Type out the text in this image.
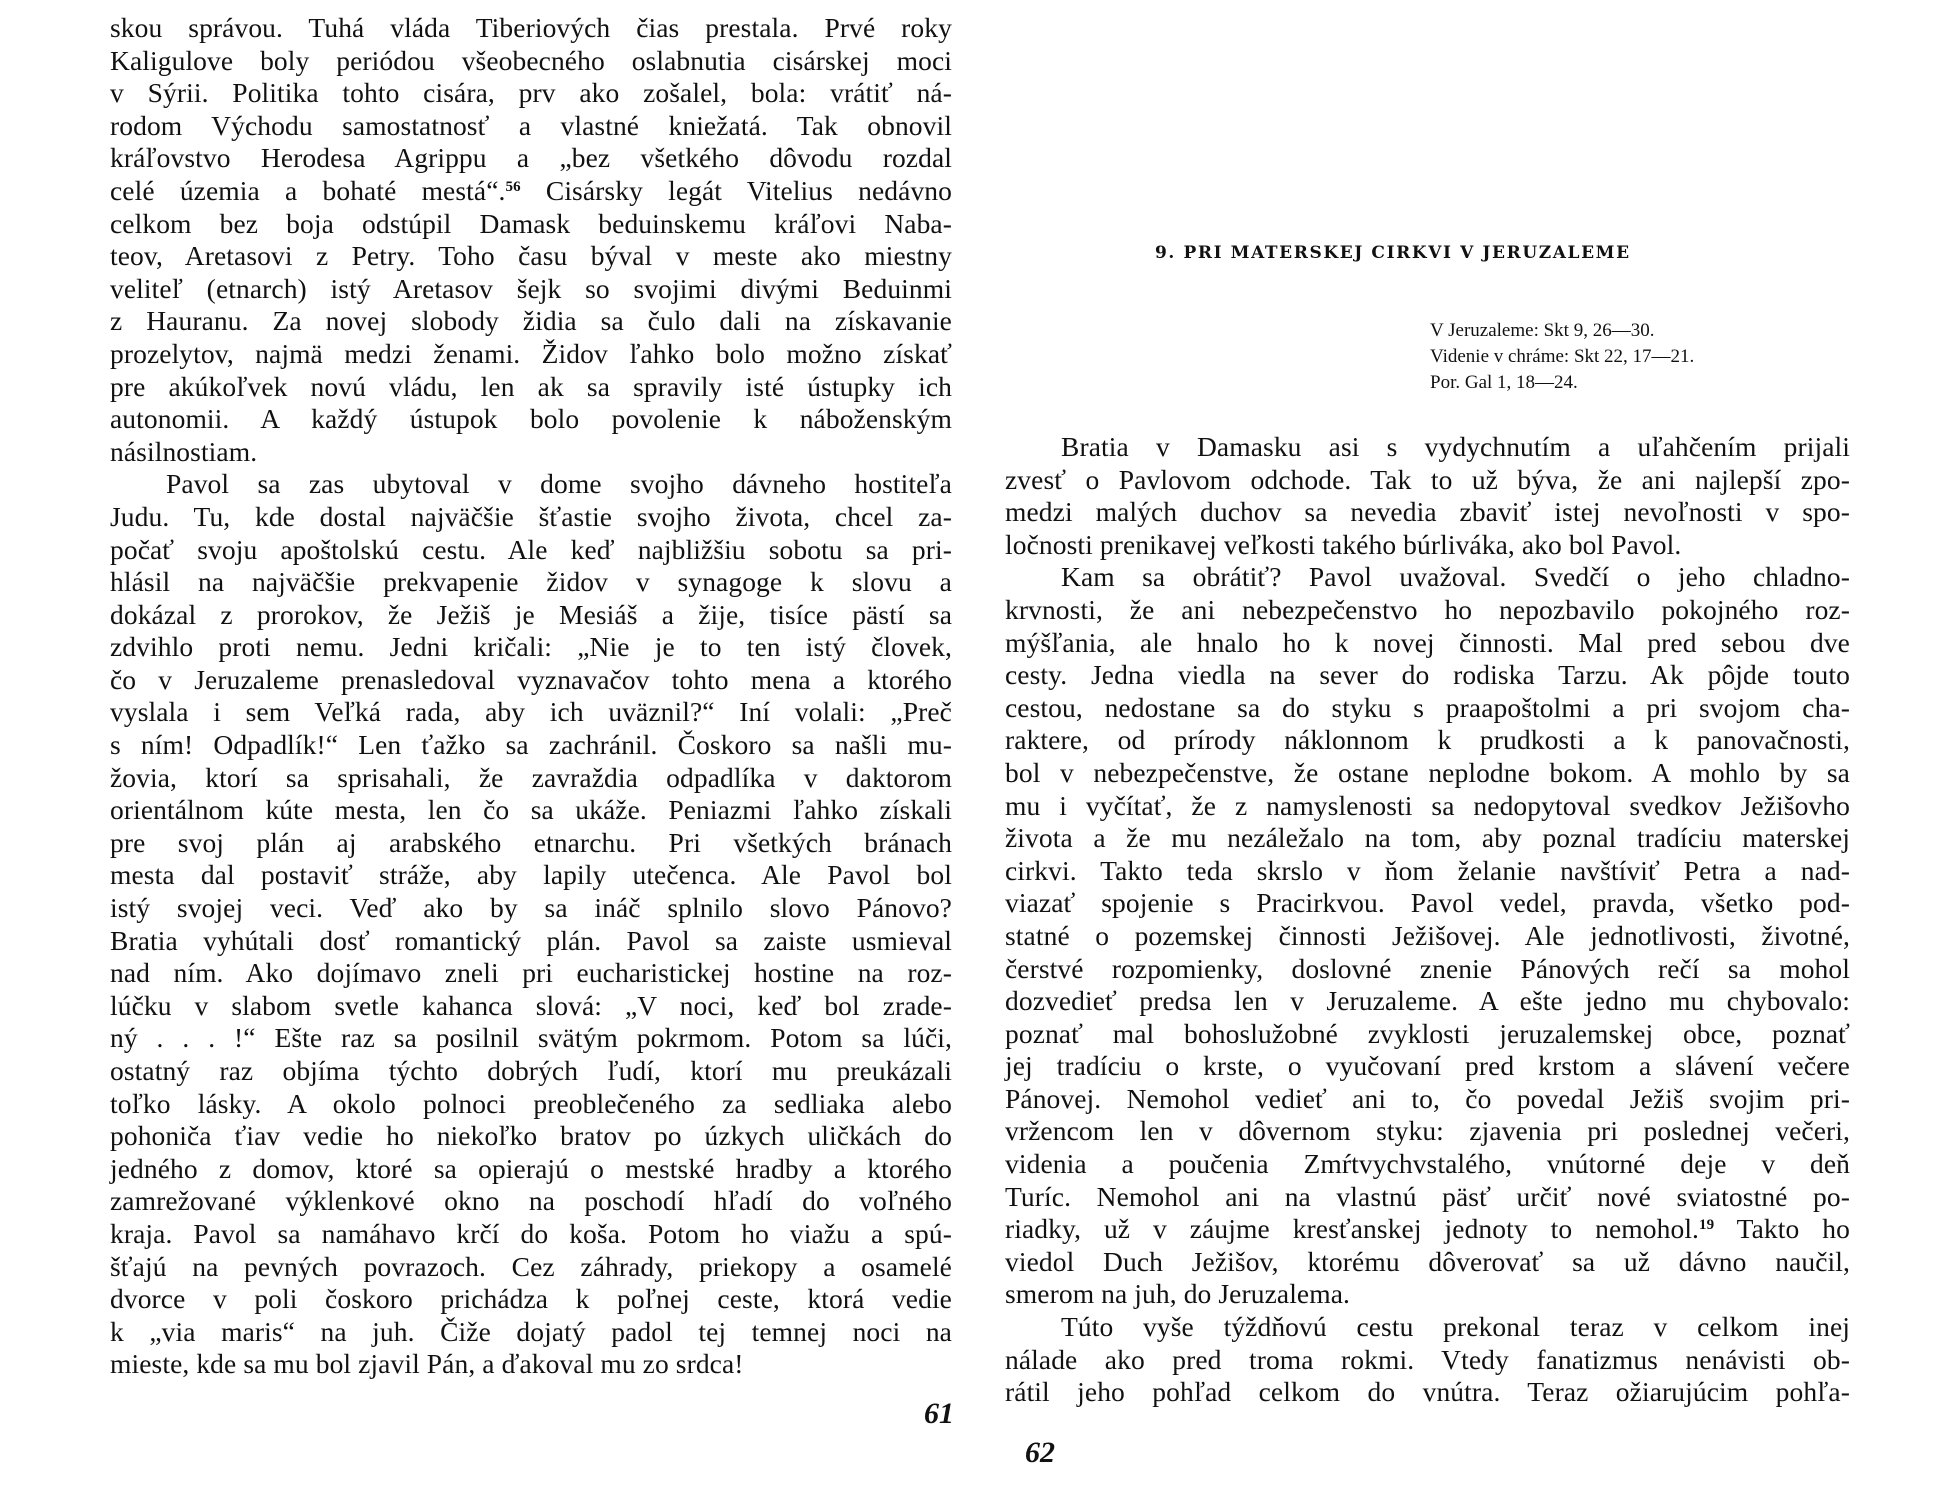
skou správou. Tuhá vláda Tiberiových čias prestala. Prvé roky
Kaligulove boly periódou všeobecného oslabnutia cisárskej moci
v Sýrii. Politika tohto cisára, prv ako zošalel, bola: vrátiť ná-
rodom Východu samostatnosť a vlastné kniežatá. Tak obnovil
kráľovstvo Herodesa Agrippu a „bez všetkého dôvodu rozdal
celé územia a bohaté mestá“.$^{56}$ Cisársky legát Vitelius nedávno
celkom bez boja odstúpil Damask beduinskemu kráľovi Naba-
teov, Aretasovi z Petry. Toho času býval v meste ako miestny
veliteľ (etnarch) istý Aretasov šejk so svojimi divými Beduinmi
z Hauranu. Za novej slobody židia sa čulo dali na získavanie
prozelytov, najmä medzi ženami. Židov ľahko bolo možno získať
pre akúkoľvek novú vládu, len ak sa spravily isté ústupky ich
autonomii. A každý ústupok bolo povolenie k náboženským
násilnostiam.
Pavol sa zas ubytoval v dome svojho dávneho hostiteľa
Judu. Tu, kde dostal najväčšie šťastie svojho života, chcel za-
počať svoju apoštolskú cestu. Ale keď najbližšiu sobotu sa pri-
hlásil na najväčšie prekvapenie židov v synagoge k slovu a
dokázal z prorokov, že Ježiš je Mesiáš a žije, tisíce pästí sa
zdvihlo proti nemu. Jedni kričali: „Nie je to ten istý človek,
čo v Jeruzaleme prenasledoval vyznavačov tohto mena a ktorého
vyslala i sem Veľká rada, aby ich uväznil?“ Iní volali: „Preč
s ním! Odpadlík!“ Len ťažko sa zachránil. Čoskoro sa našli mu-
žovia, ktorí sa sprisahali, že zavraždia odpadlíka v daktorom
orientálnom kúte mesta, len čo sa ukáže. Peniazmi ľahko získali
pre svoj plán aj arabského etnarchu. Pri všetkých bránach
mesta dal postaviť stráže, aby lapily utečenca. Ale Pavol bol
istý svojej veci. Veď ako by sa ináč splnilo slovo Pánovo?
Bratia vyhútali dosť romantický plán. Pavol sa zaiste usmieval
nad ním. Ako dojímavo zneli pri eucharistickej hostine na roz-
lúčku v slabom svetle kahanca slová: „V noci, keď bol zrade-
ný . . . !“ Ešte raz sa posilnil svätým pokrmom. Potom sa lúči,
ostatný raz objíma týchto dobrých ľudí, ktorí mu preukázali
toľko lásky. A okolo polnoci preoblečeného za sedliaka alebo
pohoniča ťiav vedie ho niekoľko bratov po úzkych uličkách do
jedného z domov, ktoré sa opierajú o mestské hradby a ktorého
zamrežované výklenkové okno na poschodí hľadí do voľného
kraja. Pavol sa namáhavo krčí do koša. Potom ho viažu a spú-
šťajú na pevných povrazoch. Cez záhrady, priekopy a osamelé
dvorce v poli čoskoro prichádza k poľnej ceste, ktorá vedie
k „via maris“ na juh. Čiže dojatý padol tej temnej noci na
mieste, kde sa mu bol zjavil Pán, a ďakoval mu zo srdca!
61
9. PRI MATERSKEJ CIRKVI V JERUZALEME
V Jeruzaleme: Skt 9, 26—30.
Videnie v chráme: Skt 22, 17—21.
Por. Gal 1, 18—24.
Bratia v Damasku asi s vydychnutím a uľahčením prijali
zvesť o Pavlovom odchode. Tak to už býva, že ani najlepší zpo-
medzi malých duchov sa nevedia zbaviť istej nevoľnosti v spo-
ločnosti prenikavej veľkosti takého búrliváka, ako bol Pavol.
Kam sa obrátiť? Pavol uvažoval. Svedčí o jeho chladno-
krvnosti, že ani nebezpečenstvo ho nepozbavilo pokojného roz-
mýšľania, ale hnalo ho k novej činnosti. Mal pred sebou dve
cesty. Jedna viedla na sever do rodiska Tarzu. Ak pôjde touto
cestou, nedostane sa do styku s praapoštolmi a pri svojom cha-
raktere, od prírody náklonnom k prudkosti a k panovačnosti,
bol v nebezpečenstve, že ostane neplodne bokom. A mohlo by sa
mu i vyčítať, že z namyslenosti sa nedopytoval svedkov Ježišovho
života a že mu nezáležalo na tom, aby poznal tradíciu materskej
cirkvi. Takto teda skrslo v ňom želanie navštíviť Petra a nad-
viazať spojenie s Pracirkvou. Pavol vedel, pravda, všetko pod-
statné o pozemskej činnosti Ježišovej. Ale jednotlivosti, životné,
čerstvé rozpomienky, doslovné znenie Pánových rečí sa mohol
dozvedieť predsa len v Jeruzaleme. A ešte jedno mu chybovalo:
poznať mal bohoslužobné zvyklosti jeruzalemskej obce, poznať
jej tradíciu o krste, o vyučovaní pred krstom a slávení večere
Pánovej. Nemohol vedieť ani to, čo povedal Ježiš svojim pri-
vržencom len v dôvernom styku: zjavenia pri poslednej večeri,
videnia a poučenia Zmŕtvychvstalého, vnútorné deje v deň
Turíc. Nemohol ani na vlastnú päsť určiť nové sviatostné po-
riadky, už v záujme kresťanskej jednoty to nemohol.$^{19}$ Takto ho
viedol Duch Ježišov, ktorému dôverovať sa už dávno naučil,
smerom na juh, do Jeruzalema.
Túto vyše týždňovú cestu prekonal teraz v celkom inej
nálade ako pred troma rokmi. Vtedy fanatizmus nenávisti ob-
rátil jeho pohľad celkom do vnútra. Teraz ožiarujúcim pohľa-
62
